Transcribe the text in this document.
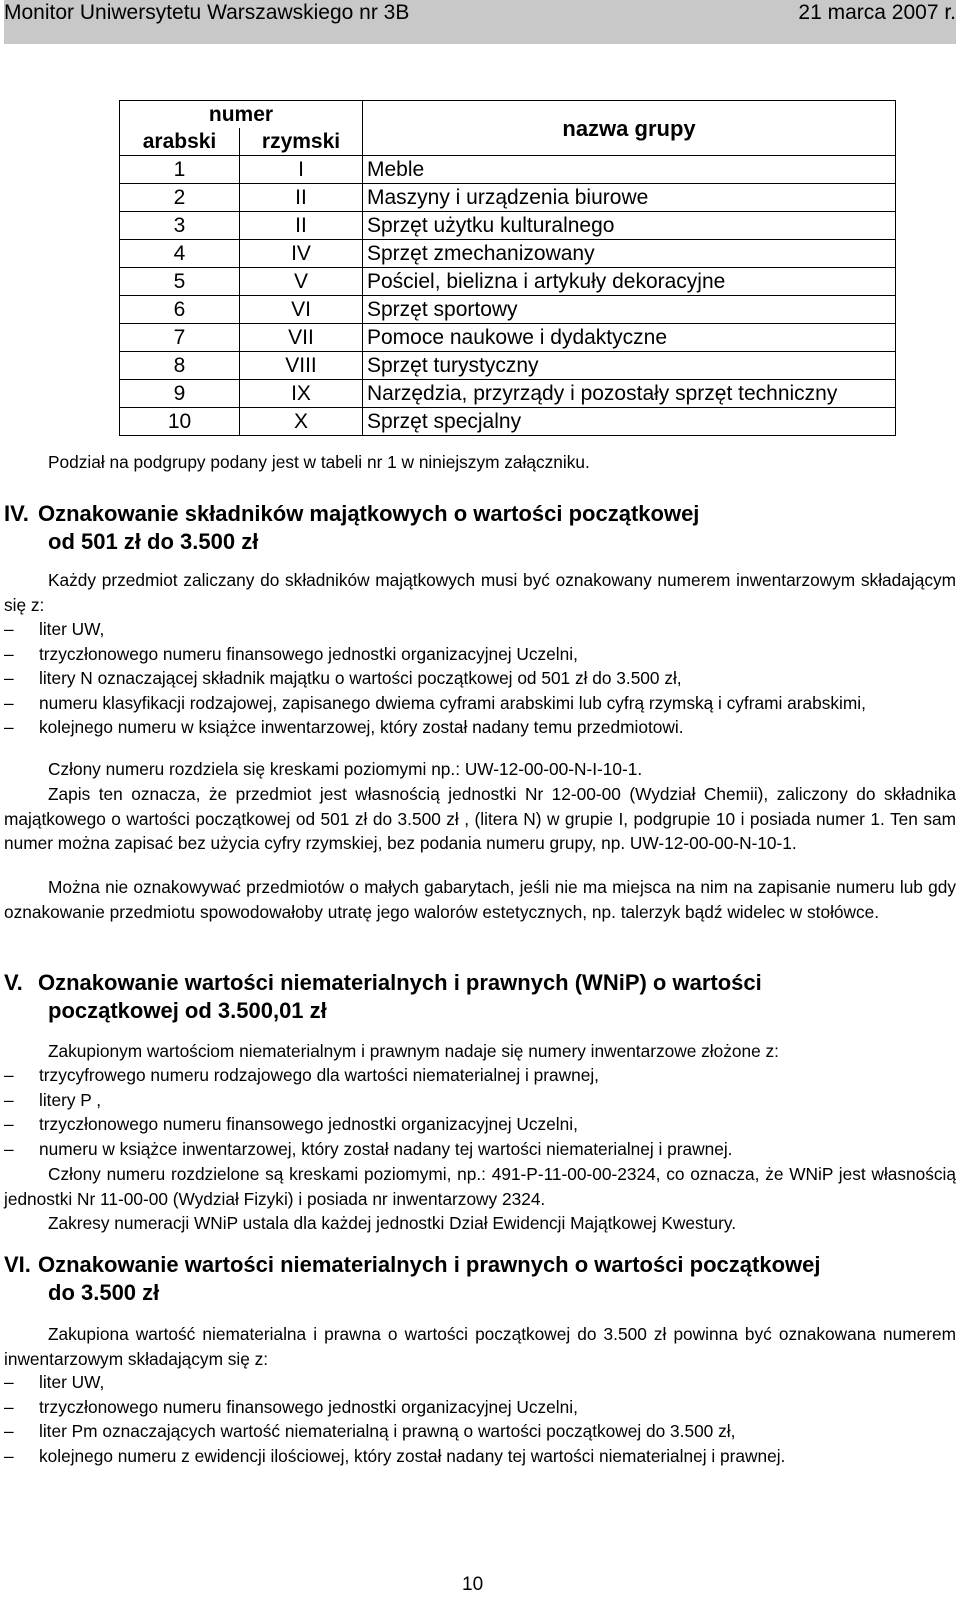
Monitor Uniwersytetu Warszawskiego nr 3B	21 marca 2007 r.
numer		nazwa grupy
arabski	rzymski	
1	I	Meble
2	II	Maszyny i urządzenia biurowe
3	II	Sprzęt użytku kulturalnego
4	IV	Sprzęt zmechanizowany
5	V	Pościel, bielizna i artykuły dekoracyjne
6	VI	Sprzęt sportowy
7	VII	Pomoce naukowe i dydaktyczne
8	VIII	Sprzęt turystyczny
9	IX	Narzędzia, przyrządy i pozostały sprzęt techniczny
10	X	Sprzęt specjalny

Podział na podgrupy podany jest w tabeli nr 1 w niniejszym załączniku.

IV. Oznakowanie składników majątkowych o wartości początkowej
od 501 zł do 3.500 zł

Każdy przedmiot zaliczany do składników majątkowych musi być oznakowany numerem inwentarzowym składającym się z:

– liter UW,
– trzyczłonowego numeru finansowego jednostki organizacyjnej Uczelni,
– litery N oznaczającej składnik majątku o wartości początkowej od 501 zł do 3.500 zł,
– numeru klasyfikacji rodzajowej, zapisanego dwiema cyframi arabskimi lub cyfrą rzymską i cyframi arabskimi,
– kolejnego numeru w książce inwentarzowej, który został nadany temu przedmiotowi.

Człony numeru rozdziela się kreskami poziomymi np.: UW-12-00-00-N-I-10-1.

Zapis ten oznacza, że przedmiot jest własnością jednostki Nr 12-00-00 (Wydział Chemii), zaliczony do składnika majątkowego o wartości początkowej od 501 zł do 3.500 zł , (litera N) w grupie I, podgrupie 10 i posiada numer 1. Ten sam numer można zapisać bez użycia cyfry rzymskiej, bez podania numeru grupy, np. UW-12-00-00-N-10-1.

Można nie oznakowywać przedmiotów o małych gabarytach, jeśli nie ma miejsca na nim na zapisanie numeru lub gdy oznakowanie przedmiotu spowodowałoby utratę jego walorów estetycznych, np. talerzyk bądź widelec w stołówce.

V. Oznakowanie wartości niematerialnych i prawnych (WNiP) o wartości
początkowej od 3.500,01 zł

Zakupionym wartościom niematerialnym i prawnym nadaje się numery inwentarzowe złożone z:

– trzycyfrowego numeru rodzajowego dla wartości niematerialnej i prawnej,
– litery P ,
– trzyczłonowego numeru finansowego jednostki organizacyjnej Uczelni,
– numeru w książce inwentarzowej, który został nadany tej wartości niematerialnej i prawnej.

Człony numeru rozdzielone są kreskami poziomymi, np.: 491-P-11-00-00-2324, co oznacza, że WNiP jest własnością jednostki Nr 11-00-00 (Wydział Fizyki) i posiada nr inwentarzowy 2324.

Zakresy numeracji WNiP ustala dla każdej jednostki Dział Ewidencji Majątkowej Kwestury.

VI. Oznakowanie wartości niematerialnych i prawnych o wartości początkowej
do 3.500 zł

Zakupiona wartość niematerialna i prawna o wartości początkowej do 3.500 zł powinna być oznakowana numerem inwentarzowym składającym się z:

– liter UW,
– trzyczłonowego numeru finansowego jednostki organizacyjnej Uczelni,
– liter Pm oznaczających wartość niematerialną i prawną o wartości początkowej do 3.500 zł,
– kolejnego numeru z ewidencji ilościowej, który został nadany tej wartości niematerialnej i prawnej.
10
